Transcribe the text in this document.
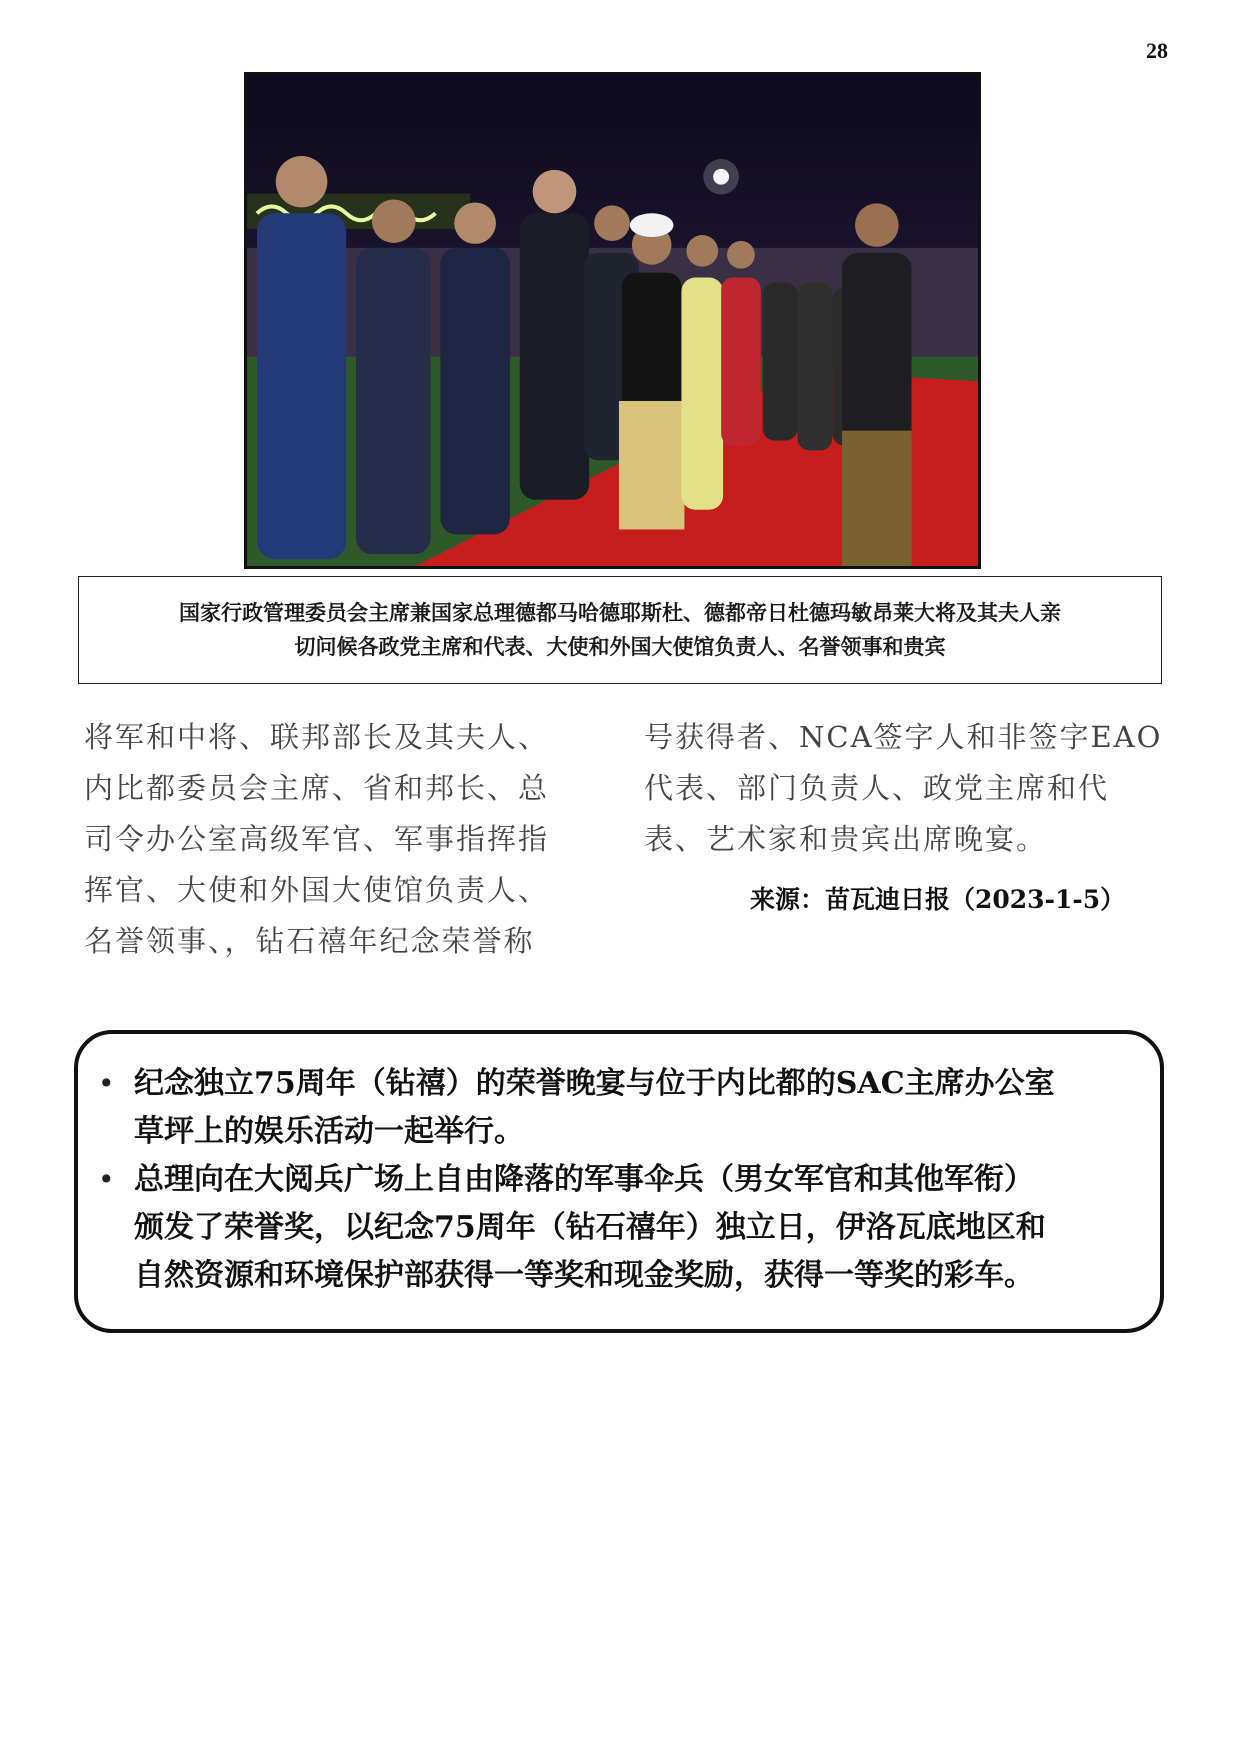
28
国家行政管理委员会主席兼国家总理德都马哈德耶斯杜、德都帝日杜德玛敏昂莱大将及其夫人亲
切问候各政党主席和代表、大使和外国大使馆负责人、名誉领事和贵宾
将军和中将、联邦部长及其夫人、
内比都委员会主席、省和邦长、总
司令办公室高级军官、军事指挥指
挥官、大使和外国大使馆负责人、
名誉领事、，钻石禧年纪念荣誉称
号获得者、NCA签字人和非签字EAO
代表、部门负责人、政党主席和代
表、艺术家和贵宾出席晚宴。
来源：苗瓦迪日报（2023-1-5）
• 纪念独立75周年（钻禧）的荣誉晚宴与位于内比都的SAC主席办公室
草坪上的娱乐活动一起举行。
• 总理向在大阅兵广场上自由降落的军事伞兵（男女军官和其他军衔）
颁发了荣誉奖，以纪念75周年（钻石禧年）独立日，伊洛瓦底地区和
自然资源和环境保护部获得一等奖和现金奖励，获得一等奖的彩车。
